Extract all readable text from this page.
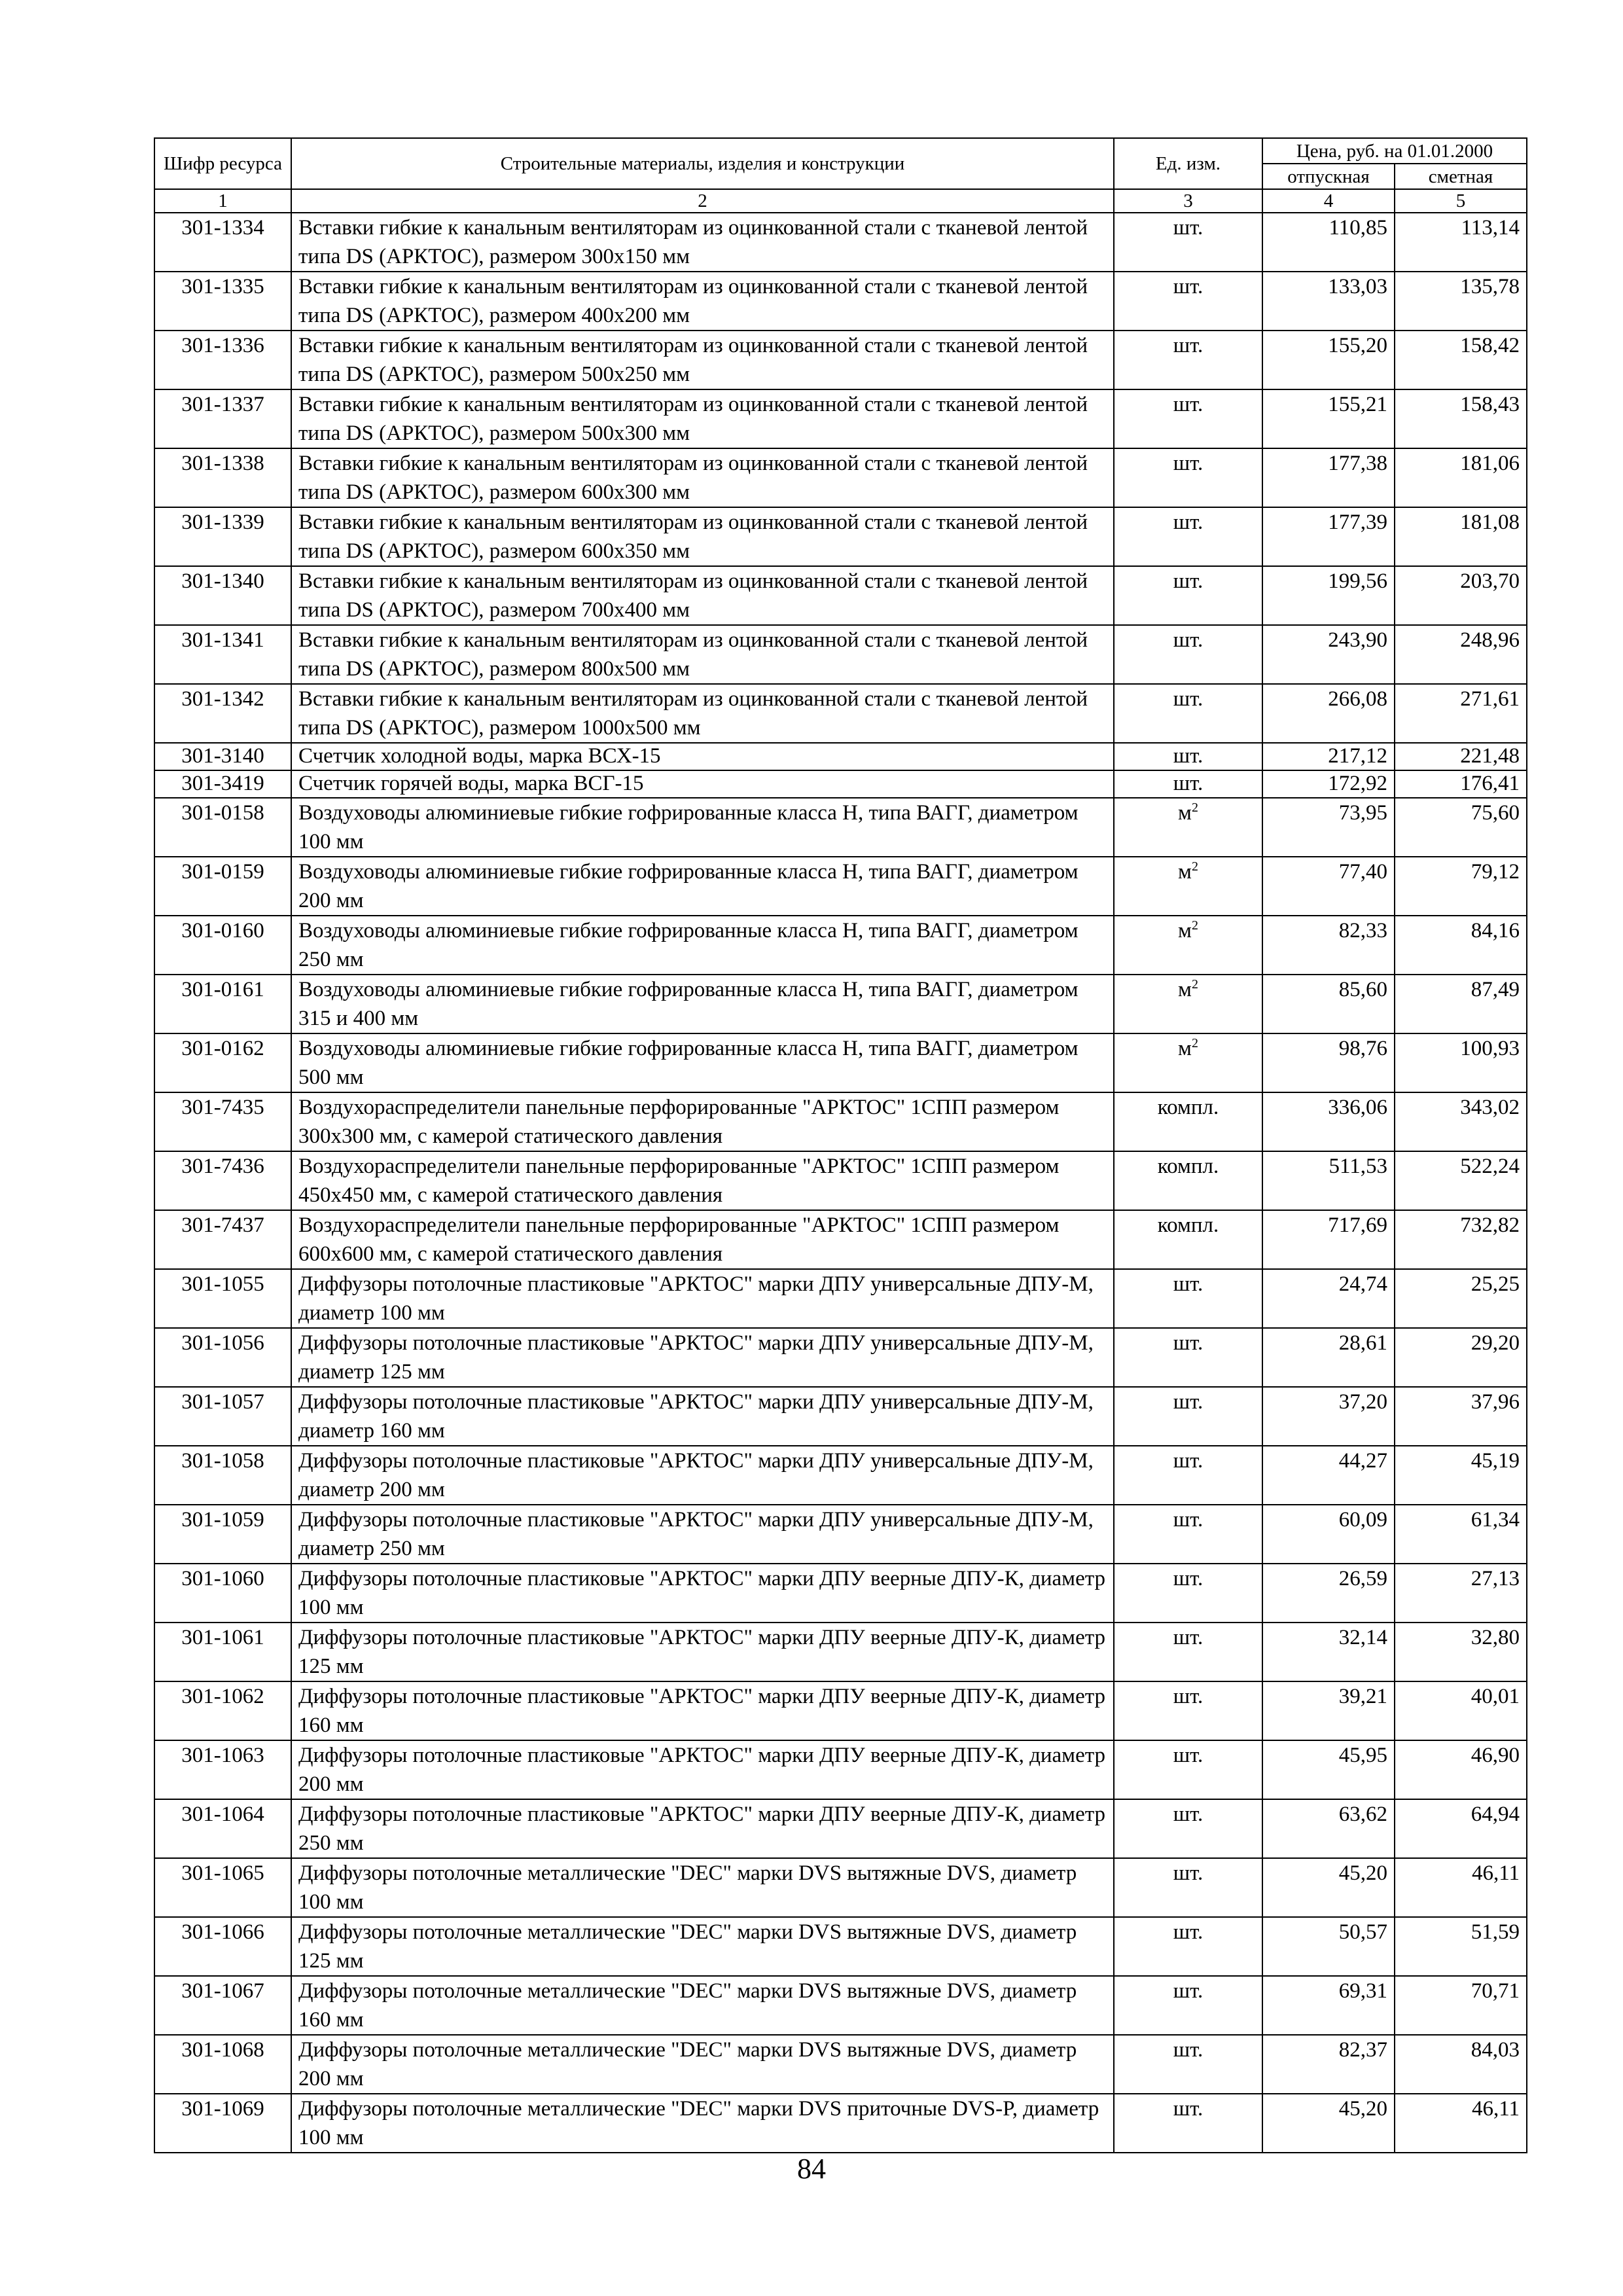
Шифр ресурса	Строительные материалы, изделия и конструкции	Ед. изм.	Цена, руб. на 01.01.2000	
			отпускная	сметная
1	2	3	4	5
301-1334	Вставки гибкие к канальным вентиляторам из оцинкованной стали с тканевой лентой типа DS (АРКТОС), размером 300х150 мм	шт.	110,85	113,14
301-1335	Вставки гибкие к канальным вентиляторам из оцинкованной стали с тканевой лентой типа DS (АРКТОС), размером 400х200 мм	шт.	133,03	135,78
301-1336	Вставки гибкие к канальным вентиляторам из оцинкованной стали с тканевой лентой типа DS (АРКТОС), размером 500х250 мм	шт.	155,20	158,42
301-1337	Вставки гибкие к канальным вентиляторам из оцинкованной стали с тканевой лентой типа DS (АРКТОС), размером 500х300 мм	шт.	155,21	158,43
301-1338	Вставки гибкие к канальным вентиляторам из оцинкованной стали с тканевой лентой типа DS (АРКТОС), размером 600х300 мм	шт.	177,38	181,06
301-1339	Вставки гибкие к канальным вентиляторам из оцинкованной стали с тканевой лентой типа DS (АРКТОС), размером 600х350 мм	шт.	177,39	181,08
301-1340	Вставки гибкие к канальным вентиляторам из оцинкованной стали с тканевой лентой типа DS (АРКТОС), размером 700х400 мм	шт.	199,56	203,70
301-1341	Вставки гибкие к канальным вентиляторам из оцинкованной стали с тканевой лентой типа DS (АРКТОС), размером 800х500 мм	шт.	243,90	248,96
301-1342	Вставки гибкие к канальным вентиляторам из оцинкованной стали с тканевой лентой типа DS (АРКТОС), размером 1000х500 мм	шт.	266,08	271,61
301-3140	Счетчик холодной воды, марка ВСХ-15	шт.	217,12	221,48
301-3419	Счетчик горячей воды, марка ВСГ-15	шт.	172,92	176,41
301-0158	Воздуховоды алюминиевые гибкие гофрированные класса Н, типа ВАГГ, диаметром 100 мм	$м^2$	73,95	75,60
301-0159	Воздуховоды алюминиевые гибкие гофрированные класса Н, типа ВАГГ, диаметром 200 мм	$м^2$	77,40	79,12
301-0160	Воздуховоды алюминиевые гибкие гофрированные класса Н, типа ВАГГ, диаметром 250 мм	$м^2$	82,33	84,16
301-0161	Воздуховоды алюминиевые гибкие гофрированные класса Н, типа ВАГГ, диаметром 315 и 400 мм	$м^2$	85,60	87,49
301-0162	Воздуховоды алюминиевые гибкие гофрированные класса Н, типа ВАГГ, диаметром 500 мм	$м^2$	98,76	100,93
301-7435	Воздухораспределители панельные перфорированные "АРКТОС" 1СПП размером 300х300 мм, с камерой статического давления	компл.	336,06	343,02
301-7436	Воздухораспределители панельные перфорированные "АРКТОС" 1СПП размером 450х450 мм, с камерой статического давления	компл.	511,53	522,24
301-7437	Воздухораспределители панельные перфорированные "АРКТОС" 1СПП размером 600х600 мм, с камерой статического давления	компл.	717,69	732,82
301-1055	Диффузоры потолочные пластиковые "АРКТОС" марки ДПУ универсальные ДПУ-М, диаметр 100 мм	шт.	24,74	25,25
301-1056	Диффузоры потолочные пластиковые "АРКТОС" марки ДПУ универсальные ДПУ-М, диаметр 125 мм	шт.	28,61	29,20
301-1057	Диффузоры потолочные пластиковые "АРКТОС" марки ДПУ универсальные ДПУ-М, диаметр 160 мм	шт.	37,20	37,96
301-1058	Диффузоры потолочные пластиковые "АРКТОС" марки ДПУ универсальные ДПУ-М, диаметр 200 мм	шт.	44,27	45,19
301-1059	Диффузоры потолочные пластиковые "АРКТОС" марки ДПУ универсальные ДПУ-М, диаметр 250 мм	шт.	60,09	61,34
301-1060	Диффузоры потолочные пластиковые "АРКТОС" марки ДПУ веерные ДПУ-К, диаметр 100 мм	шт.	26,59	27,13
301-1061	Диффузоры потолочные пластиковые "АРКТОС" марки ДПУ веерные ДПУ-К, диаметр 125 мм	шт.	32,14	32,80
301-1062	Диффузоры потолочные пластиковые "АРКТОС" марки ДПУ веерные ДПУ-К, диаметр 160 мм	шт.	39,21	40,01
301-1063	Диффузоры потолочные пластиковые "АРКТОС" марки ДПУ веерные ДПУ-К, диаметр 200 мм	шт.	45,95	46,90
301-1064	Диффузоры потолочные пластиковые "АРКТОС" марки ДПУ веерные ДПУ-К, диаметр 250 мм	шт.	63,62	64,94
301-1065	Диффузоры потолочные металлические "DEC" марки DVS вытяжные DVS, диаметр 100 мм	шт.	45,20	46,11
301-1066	Диффузоры потолочные металлические "DEC" марки DVS вытяжные DVS, диаметр 125 мм	шт.	50,57	51,59
301-1067	Диффузоры потолочные металлические "DEC" марки DVS вытяжные DVS, диаметр 160 мм	шт.	69,31	70,71
301-1068	Диффузоры потолочные металлические "DEC" марки DVS вытяжные DVS, диаметр 200 мм	шт.	82,37	84,03
301-1069	Диффузоры потолочные металлические "DEC" марки DVS приточные DVS-P, диаметр 100 мм	шт.	45,20	46,11
84
